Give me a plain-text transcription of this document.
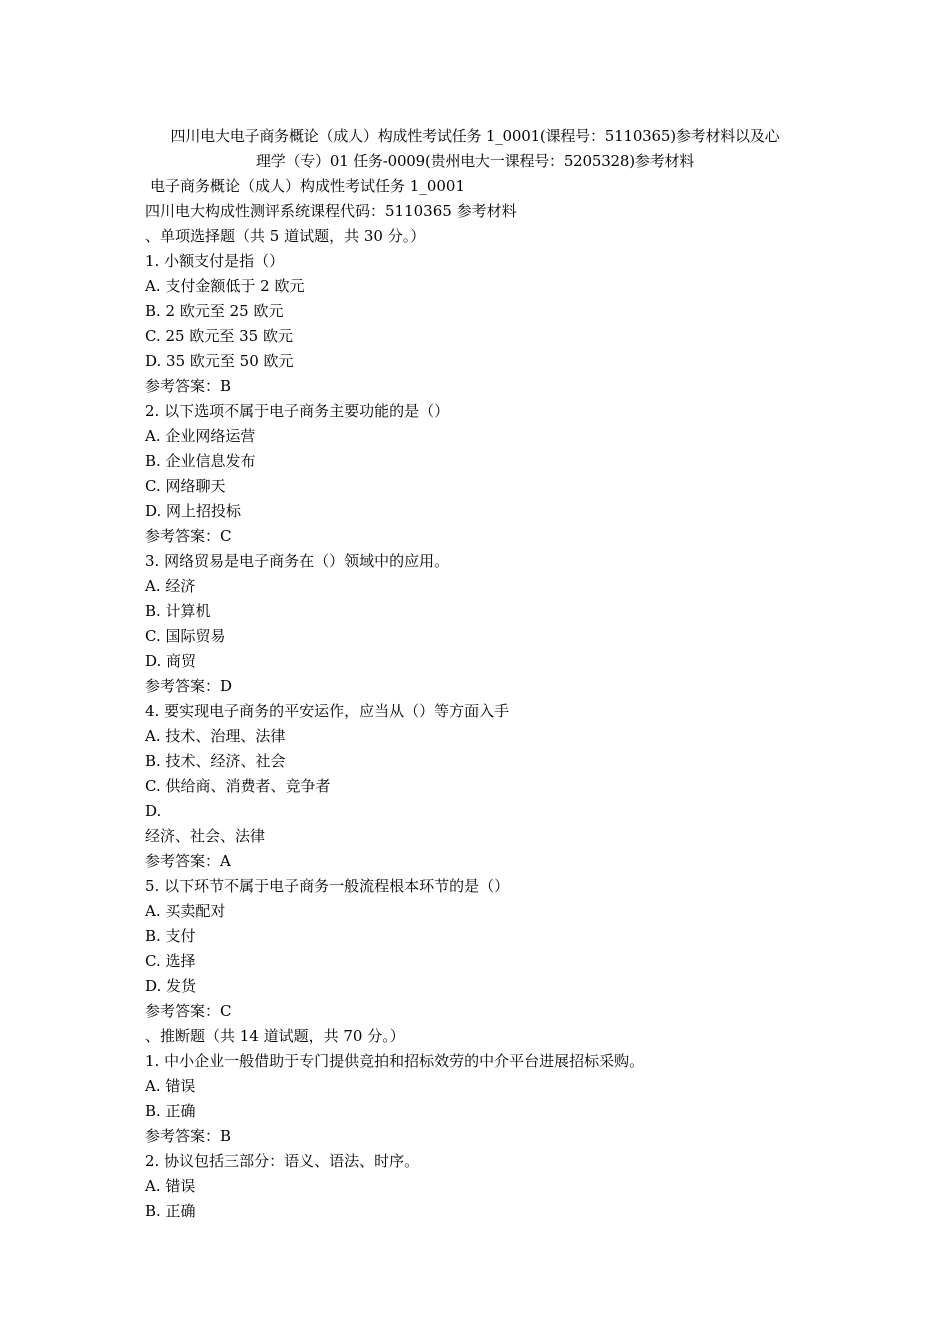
四川电大电子商务概论（成人）构成性考试任务 1_0001(课程号：5110365)参考材料以及心
理学（专）01 任务-0009(贵州电大一课程号：5205328)参考材料
电子商务概论（成人）构成性考试任务 1_0001
四川电大构成性测评系统课程代码：5110365 参考材料
、单项选择题（共 5 道试题，共 30 分。）
1. 小额支付是指（）
A. 支付金额低于 2 欧元
B. 2 欧元至 25 欧元
C. 25 欧元至 35 欧元
D. 35 欧元至 50 欧元
参考答案：B
2. 以下选项不属于电子商务主要功能的是（）
A. 企业网络运营
B. 企业信息发布
C. 网络聊天
D. 网上招投标
参考答案：C
3. 网络贸易是电子商务在（）领域中的应用。
A. 经济
B. 计算机
C. 国际贸易
D. 商贸
参考答案：D
4. 要实现电子商务的平安运作，应当从（）等方面入手
A. 技术、治理、法律
B. 技术、经济、社会
C. 供给商、消费者、竞争者
D.
经济、社会、法律
参考答案：A
5. 以下环节不属于电子商务一般流程根本环节的是（）
A. 买卖配对
B. 支付
C. 选择
D. 发货
参考答案：C
、推断题（共 14 道试题，共 70 分。）
1. 中小企业一般借助于专门提供竞拍和招标效劳的中介平台进展招标采购。
A. 错误
B. 正确
参考答案：B
2. 协议包括三部分：语义、语法、时序。
A. 错误
B. 正确
